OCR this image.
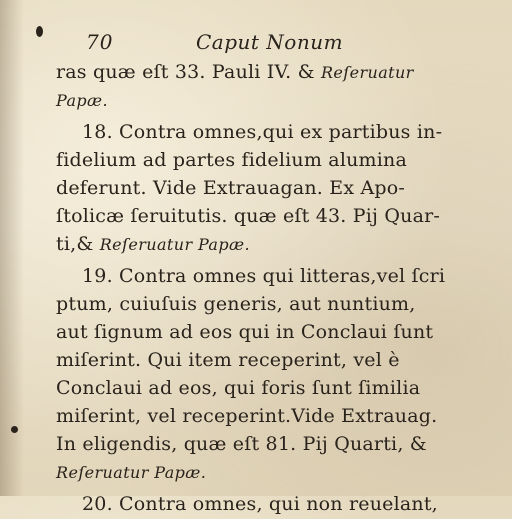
70	Caput Nonum
ras quæ eſt 33. Pauli IV. & Reſeruatur
Papæ.
18. Contra omnes,qui ex partibus in-
fidelium ad partes fidelium alumina
deferunt. Vide Extrauagan. Ex Apo-
ſtolicæ ſeruitutis. quæ eſt 43. Pij Quar-
ti,& Reſeruatur Papæ.
19. Contra omnes qui litteras,vel ſcri
ptum, cuiuſuis generis, aut nuntium,
aut ſignum ad eos qui in Conclaui ſunt
miſerint. Qui item receperint, vel è
Conclaui ad eos, qui foris ſunt ſimilia
miſerint, vel receperint.Vide Extrauag.
In eligendis, quæ eſt 81. Pij Quarti, &
Reſeruatur Papæ.
20. Contra omnes, qui non reuelant,
